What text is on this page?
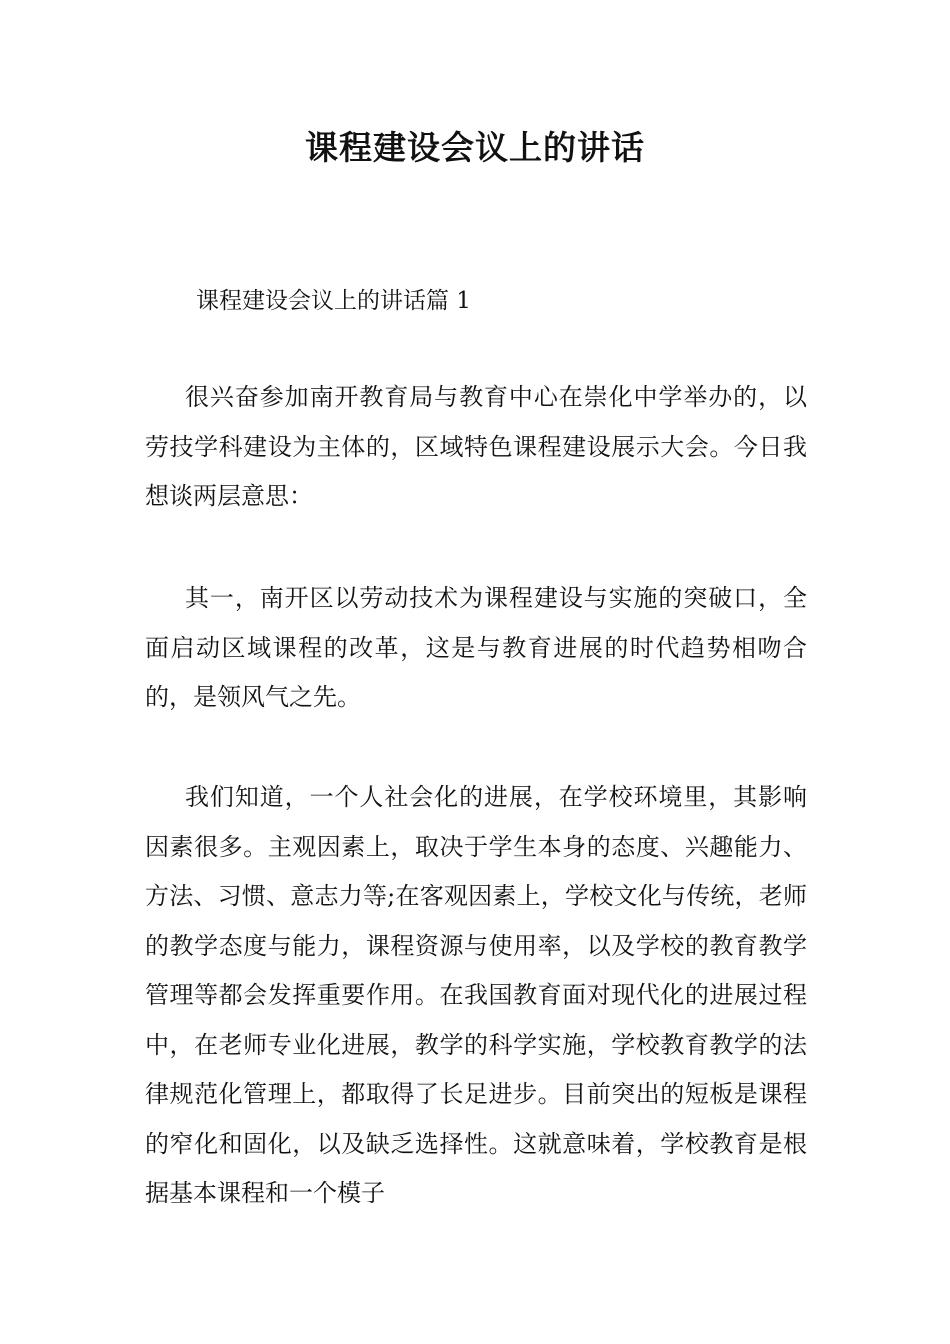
课程建设会议上的讲话

课程建设会议上的讲话篇 1

很兴奋参加南开教育局与教育中心在崇化中学举办的，以劳技学科建设为主体的，区域特色课程建设展示大会。今日我想谈两层意思：

其一，南开区以劳动技术为课程建设与实施的突破口，全面启动区域课程的改革，这是与教育进展的时代趋势相吻合的，是领风气之先。

我们知道，一个人社会化的进展，在学校环境里，其影响因素很多。主观因素上，取决于学生本身的态度、兴趣能力、方法、习惯、意志力等;在客观因素上，学校文化与传统，老师的教学态度与能力，课程资源与使用率，以及学校的教育教学管理等都会发挥重要作用。在我国教育面对现代化的进展过程中，在老师专业化进展，教学的科学实施，学校教育教学的法律规范化管理上，都取得了长足进步。目前突出的短板是课程的窄化和固化，以及缺乏选择性。这就意味着，学校教育是根据基本课程和一个模子
